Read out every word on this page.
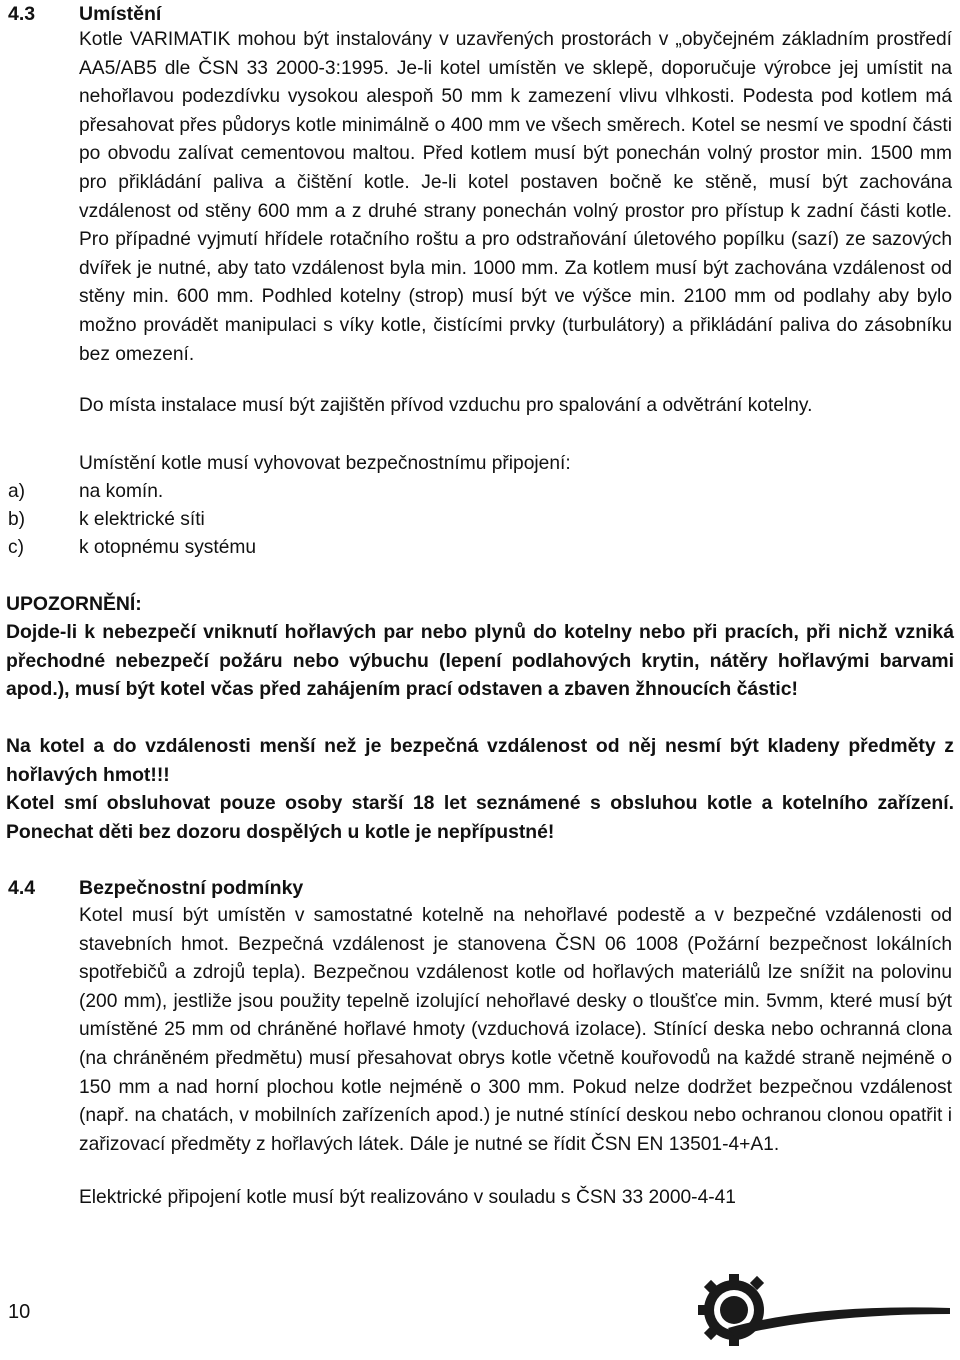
4.3 Umístění
Kotle VARIMATIK mohou být instalovány v uzavřených prostorách v „obyčejném základním prostředí AA5/AB5 dle ČSN 33 2000-3:1995. Je-li kotel umístěn ve sklepě, doporučuje výrobce jej umístit na nehořlavou podezdívku vysokou alespoň 50 mm k zamezení vlivu vlhkosti. Podesta pod kotlem má přesahovat přes půdorys kotle minimálně o 400 mm ve všech směrech. Kotel se nesmí ve spodní části po obvodu zalívat cementovou maltou. Před kotlem musí být ponechán volný prostor min. 1500 mm pro přikládání paliva a čištění kotle. Je-li kotel postaven bočně ke stěně, musí být zachována vzdálenost od stěny 600 mm a z druhé strany ponechán volný prostor pro přístup k zadní části kotle. Pro případné vyjmutí hřídele rotačního roštu a pro odstraňování úletového popílku (sazí) ze sazových dvířek je nutné, aby tato vzdálenost byla min. 1000 mm. Za kotlem musí být zachována vzdálenost od stěny min. 600 mm. Podhled kotelny (strop) musí být ve výšce min. 2100 mm od podlahy aby bylo možno provádět manipulaci s víky kotle, čistícími prvky (turbulátory) a přikládání paliva do zásobníku bez omezení.
Do místa instalace musí být zajištěn přívod vzduchu pro spalování a odvětrání kotelny.
Umístění kotle musí vyhovovat bezpečnostnímu připojení:
a)	na komín.
b)	k elektrické síti
c)	k otopnému systému
UPOZORNĚNÍ:
Dojde-li k nebezpečí vniknutí hořlavých par nebo plynů do kotelny nebo při pracích, při nichž vzniká přechodné nebezpečí požáru nebo výbuchu (lepení podlahových krytin, nátěry hořlavými barvami apod.), musí být kotel včas před zahájením prací odstaven a zbaven žhnoucích částic!
Na kotel a do vzdálenosti menší než je bezpečná vzdálenost od něj nesmí být kladeny předměty z hořlavých hmot!!!
Kotel smí obsluhovat pouze osoby starší 18 let seznámené s obsluhou kotle a kotelního zařízení. Ponechat děti bez dozoru dospělých u kotle je nepřípustné!
4.4 Bezpečnostní podmínky
Kotel musí být umístěn v samostatné kotelně na nehořlavé podestě a v bezpečné vzdálenosti od stavebních hmot. Bezpečná vzdálenost je stanovena ČSN 06 1008 (Požární bezpečnost lokálních spotřebičů a zdrojů tepla). Bezpečnou vzdálenost kotle od hořlavých materiálů lze snížit na polovinu (200 mm), jestliže jsou použity tepelně izolující nehořlavé desky o tloušťce min. 5vmm, které musí být umístěné 25 mm od chráněné hořlavé hmoty (vzduchová izolace). Stínící deska nebo ochranná clona (na chráněném předmětu) musí přesahovat obrys kotle včetně kouřovodů na každé straně nejméně o 150 mm a nad horní plochou kotle nejméně o 300 mm. Pokud nelze dodržet bezpečnou vzdálenost (např. na chatách, v mobilních zařízeních apod.) je nutné stínící deskou nebo ochranou clonou opatřit i zařizovací předměty z hořlavých látek. Dále je nutné se řídit ČSN EN 13501-4+A1.
Elektrické připojení kotle musí být realizováno v souladu s ČSN 33 2000-4-41
10
